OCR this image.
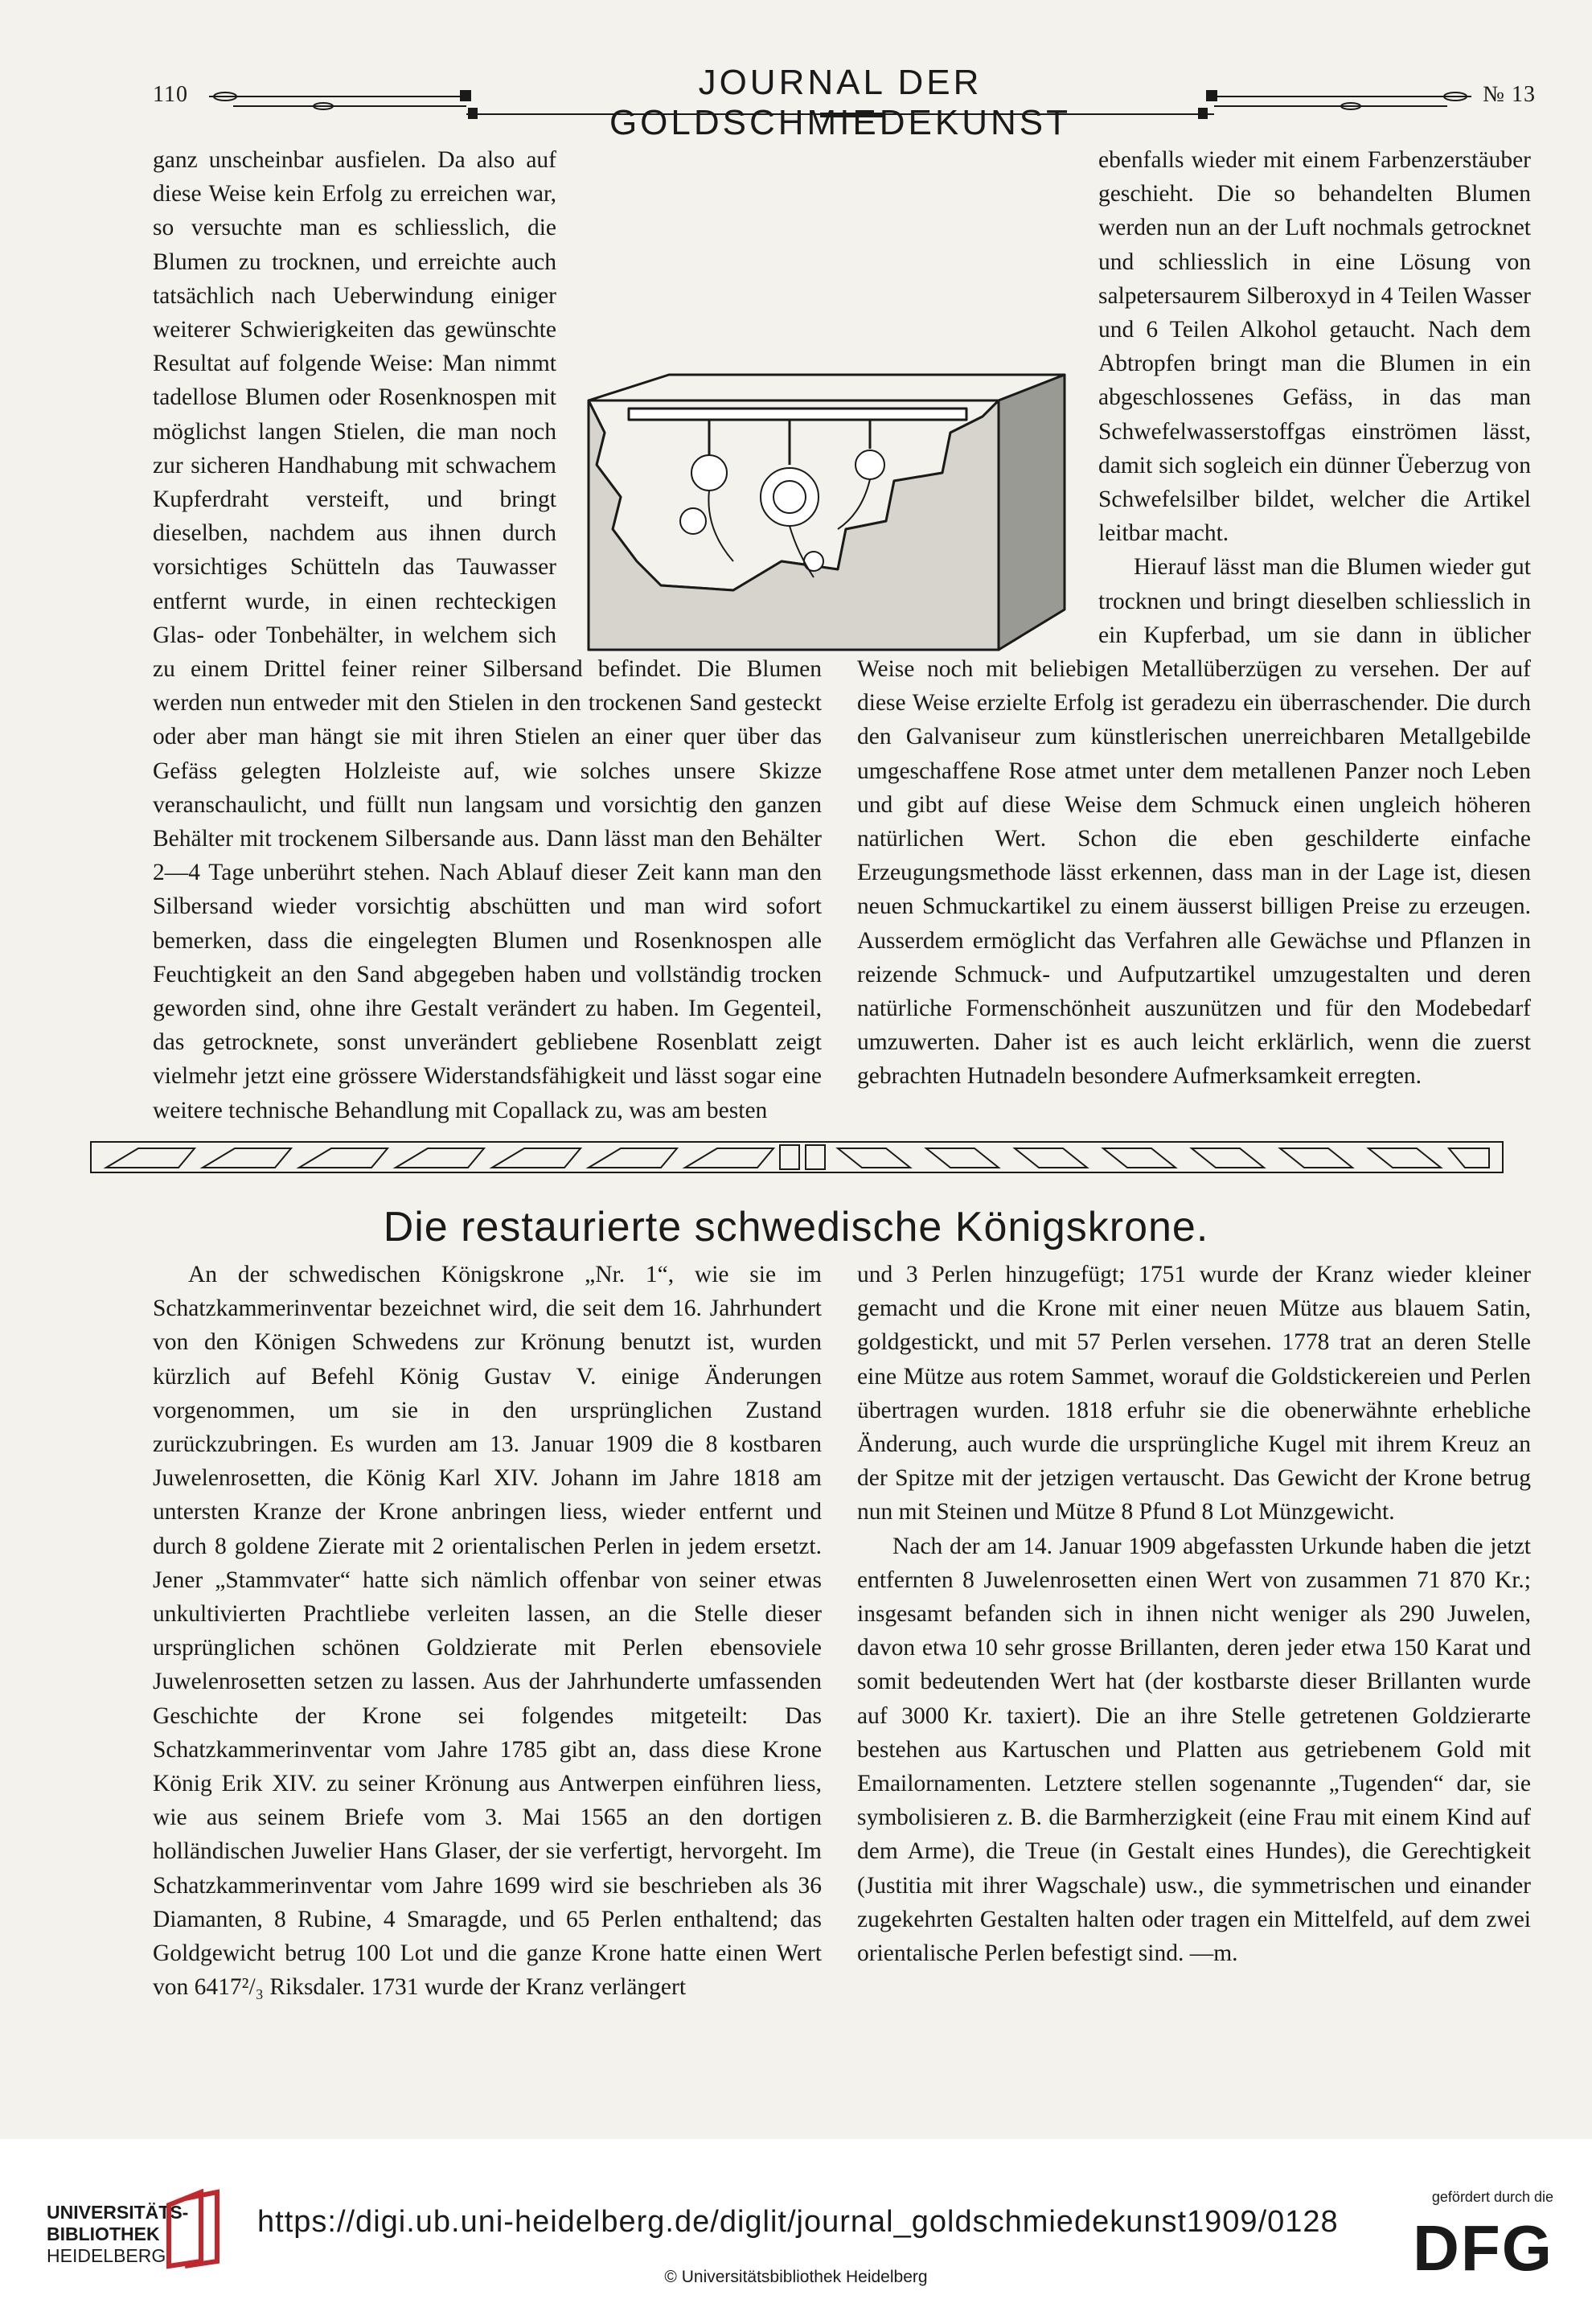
110	JOURNAL DER GOLDSCHMIEDEKUNST
№ 13

ganz unscheinbar ausfielen. Da also auf diese Weise kein Erfolg zu erreichen war, so versuchte man es schliesslich, die Blumen zu trocknen, und erreichte auch tatsächlich nach Ueberwindung einiger weiterer Schwierigkeiten das gewünschte Resultat auf folgende Weise: Man nimmt tadellose Blumen oder Rosenknospen mit möglichst langen Stielen, die man noch zur sicheren Handhabung mit schwachem Kupferdraht versteift, und bringt dieselben, nachdem aus ihnen durch vorsichtiges Schütteln das Tauwasser entfernt wurde, in einen rechteckigen Glas- oder Tonbehälter, in welchem sich zu einem Drittel feiner reiner Silbersand befindet. Die Blumen werden nun entweder mit den Stielen in den trockenen Sand gesteckt oder aber man hängt sie mit ihren Stielen an einer quer über das Gefäss gelegten Holzleiste auf, wie solches unsere Skizze veranschaulicht, und füllt nun langsam und vorsichtig den ganzen Behälter mit trockenem Silbersande aus. Dann lässt man den Behälter 2—4 Tage unberührt stehen. Nach Ablauf dieser Zeit kann man den Silbersand wieder vorsichtig abschütten und man wird sofort bemerken, dass die eingelegten Blumen und Rosenknospen alle Feuchtigkeit an den Sand abgegeben haben und vollständig trocken geworden sind, ohne ihre Gestalt verändert zu haben. Im Gegenteil, das getrocknete, sonst unverändert gebliebene Rosenblatt zeigt vielmehr jetzt eine grössere Widerstandsfähigkeit und lässt sogar eine weitere technische Behandlung mit Copallack zu, was am besten

ebenfalls wieder mit einem Farbenzerstäuber geschieht. Die so behandelten Blumen werden nun an der Luft nochmals getrocknet und schliesslich in eine Lösung von salpetersaurem Silberoxyd in 4 Teilen Wasser und 6 Teilen Alkohol getaucht. Nach dem Abtropfen bringt man die Blumen in ein abgeschlossenes Gefäss, in das man Schwefelwasserstoffgas einströmen lässt, damit sich sogleich ein dünner Üeberzug von Schwefelsilber bildet, welcher die Artikel leitbar macht.

Hierauf lässt man die Blumen wieder gut trocknen und bringt dieselben schliesslich in ein Kupferbad, um sie dann in üblicher Weise noch mit beliebigen Metallüberzügen zu versehen. Der auf diese Weise erzielte Erfolg ist geradezu ein überraschender. Die durch den Galvaniseur zum künstlerischen unerreichbaren Metallgebilde umgeschaffene Rose atmet unter dem metallenen Panzer noch Leben und gibt auf diese Weise dem Schmuck einen ungleich höheren natürlichen Wert. Schon die eben geschilderte einfache Erzeugungsmethode lässt erkennen, dass man in der Lage ist, diesen neuen Schmuckartikel zu einem äusserst billigen Preise zu erzeugen. Ausserdem ermöglicht das Verfahren alle Gewächse und Pflanzen in reizende Schmuck- und Aufputzartikel umzugestalten und deren natürliche Formenschönheit auszunützen und für den Modebedarf umzuwerten. Daher ist es auch leicht erklärlich, wenn die zuerst gebrachten Hutnadeln besondere Aufmerksamkeit erregten.

Die restaurierte schwedische Königskrone.

An der schwedischen Königskrone „Nr. 1“, wie sie im Schatzkammerinventar bezeichnet wird, die seit dem 16. Jahrhundert von den Königen Schwedens zur Krönung benutzt ist, wurden kürzlich auf Befehl König Gustav V. einige Änderungen vorgenommen, um sie in den ursprünglichen Zustand zurückzubringen. Es wurden am 13. Januar 1909 die 8 kostbaren Juwelenrosetten, die König Karl XIV. Johann im Jahre 1818 am untersten Kranze der Krone anbringen liess, wieder entfernt und durch 8 goldene Zierate mit 2 orientalischen Perlen in jedem ersetzt. Jener „Stammvater“ hatte sich nämlich offenbar von seiner etwas unkultivierten Prachtliebe verleiten lassen, an die Stelle dieser ursprünglichen schönen Goldzierate mit Perlen ebensoviele Juwelenrosetten setzen zu lassen. Aus der Jahrhunderte umfassenden Geschichte der Krone sei folgendes mitgeteilt: Das Schatzkammerinventar vom Jahre 1785 gibt an, dass diese Krone König Erik XIV. zu seiner Krönung aus Antwerpen einführen liess, wie aus seinem Briefe vom 3. Mai 1565 an den dortigen holländischen Juwelier Hans Glaser, der sie verfertigt, hervorgeht. Im Schatzkammerinventar vom Jahre 1699 wird sie beschrieben als 36 Diamanten, 8 Rubine, 4 Smaragde, und 65 Perlen enthaltend; das Goldgewicht betrug 100 Lot und die ganze Krone hatte einen Wert von 6417²/₃ Riksdaler. 1731 wurde der Kranz verlängert

und 3 Perlen hinzugefügt; 1751 wurde der Kranz wieder kleiner gemacht und die Krone mit einer neuen Mütze aus blauem Satin, goldgestickt, und mit 57 Perlen versehen. 1778 trat an deren Stelle eine Mütze aus rotem Sammet, worauf die Goldstickereien und Perlen übertragen wurden. 1818 erfuhr sie die obenerwähnte erhebliche Änderung, auch wurde die ursprüngliche Kugel mit ihrem Kreuz an der Spitze mit der jetzigen vertauscht. Das Gewicht der Krone betrug nun mit Steinen und Mütze 8 Pfund 8 Lot Münzgewicht.

Nach der am 14. Januar 1909 abgefassten Urkunde haben die jetzt entfernten 8 Juwelenrosetten einen Wert von zusammen 71 870 Kr.; insgesamt befanden sich in ihnen nicht weniger als 290 Juwelen, davon etwa 10 sehr grosse Brillanten, deren jeder etwa 150 Karat und somit bedeutenden Wert hat (der kostbarste dieser Brillanten wurde auf 3000 Kr. taxiert). Die an ihre Stelle getretenen Goldzierarte bestehen aus Kartuschen und Platten aus getriebenem Gold mit Emailornamenten. Letztere stellen sogenannte „Tugenden“ dar, sie symbolisieren z. B. die Barmherzigkeit (eine Frau mit einem Kind auf dem Arme), die Treue (in Gestalt eines Hundes), die Gerechtigkeit (Justitia mit ihrer Wagschale) usw., die symmetrischen und einander zugekehrten Gestalten halten oder tragen ein Mittelfeld, auf dem zwei orientalische Perlen befestigt sind. —m.

UNIVERSITÄTS-
BIBLIOTHEK
HEIDELBERG
https://digi.ub.uni-heidelberg.de/diglit/journal_goldschmiedekunst1909/0128
© Universitätsbibliothek Heidelberg
gefördert durch die
DFG
